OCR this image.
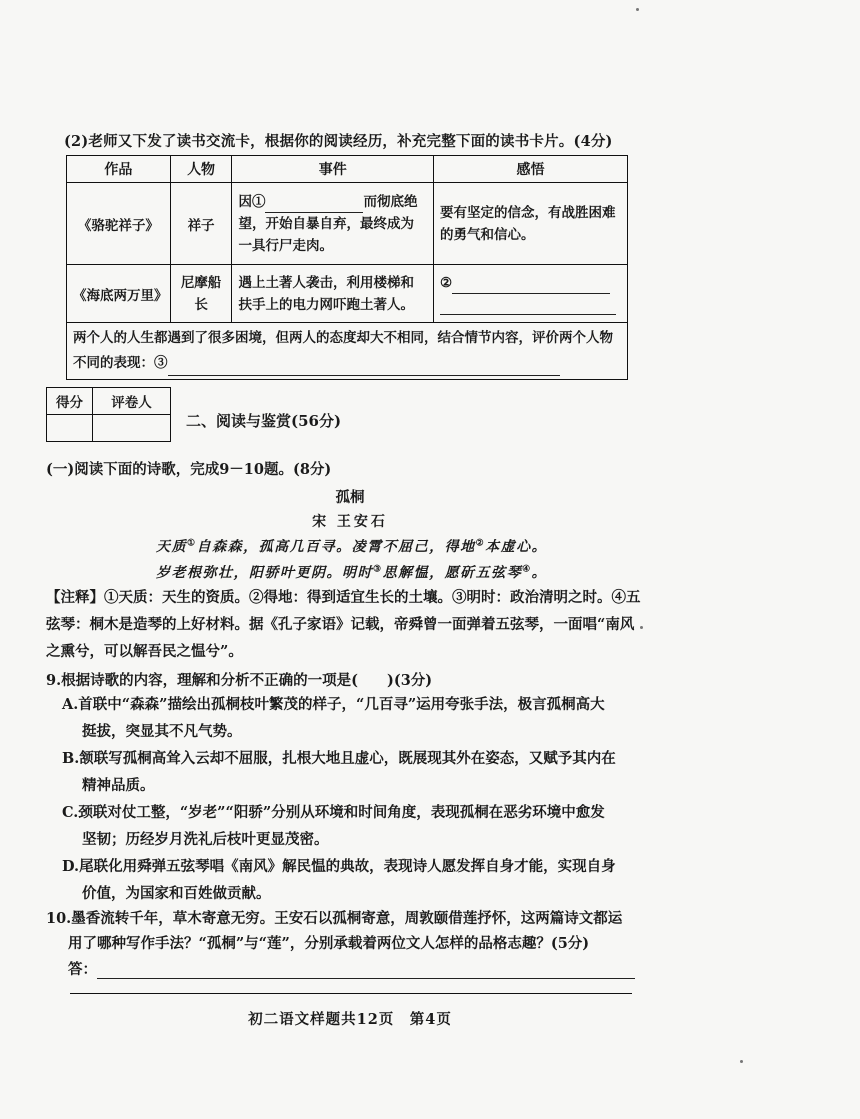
(2)老师又下发了读书交流卡，根据你的阅读经历，补充完整下面的读书卡片。(4分)
作品	人物	事件	感悟
《骆驼祥子》	祥子	因① 而彻底绝望，开始自暴自弃，最终成为一具行尸走肉。	要有坚定的信念，有战胜困难的勇气和信心。
《海底两万里》	尼摩船长	遇上土著人袭击，利用楼梯和扶手上的电力网吓跑土著人。	②

两个人的人生都遇到了很多困境，但两人的态度却大不相同，结合情节内容，评价两个人物不同的表现：③			
得分	评卷人

二、阅读与鉴赏(56分)
(一)阅读下面的诗歌，完成9－10题。(8分)
孤桐
宋 王安石
天质①自森森，孤高几百寻。凌霄不屈己，得地②本虚心。
岁老根弥壮，阳骄叶更阴。明时③思解愠，愿斫五弦琴④。
【注释】①天质：天生的资质。②得地：得到适宜生长的土壤。③明时：政治清明之时。④五弦琴：桐木是造琴的上好材料。据《孔子家语》记载，帝舜曾一面弹着五弦琴，一面唱“南风之熏兮，可以解吾民之愠兮”。
9.根据诗歌的内容，理解和分析不正确的一项是(　　)(3分)
A.首联中“森森”描绘出孤桐枝叶繁茂的样子，“几百寻”运用夸张手法，极言孤桐高大
挺拔，突显其不凡气势。
B.颔联写孤桐高耸入云却不屈服，扎根大地且虚心，既展现其外在姿态，又赋予其内在
精神品质。
C.颈联对仗工整，“岁老”“阳骄”分别从环境和时间角度，表现孤桐在恶劣环境中愈发
坚韧；历经岁月洗礼后枝叶更显茂密。
D.尾联化用舜弹五弦琴唱《南风》解民愠的典故，表现诗人愿发挥自身才能，实现自身
价值，为国家和百姓做贡献。
10.墨香流转千年，草木寄意无穷。王安石以孤桐寄意，周敦颐借莲抒怀，这两篇诗文都运
用了哪种写作手法？“孤桐”与“莲”，分别承载着两位文人怎样的品格志趣？(5分)
答：
初二语文样题共12页　第4页
